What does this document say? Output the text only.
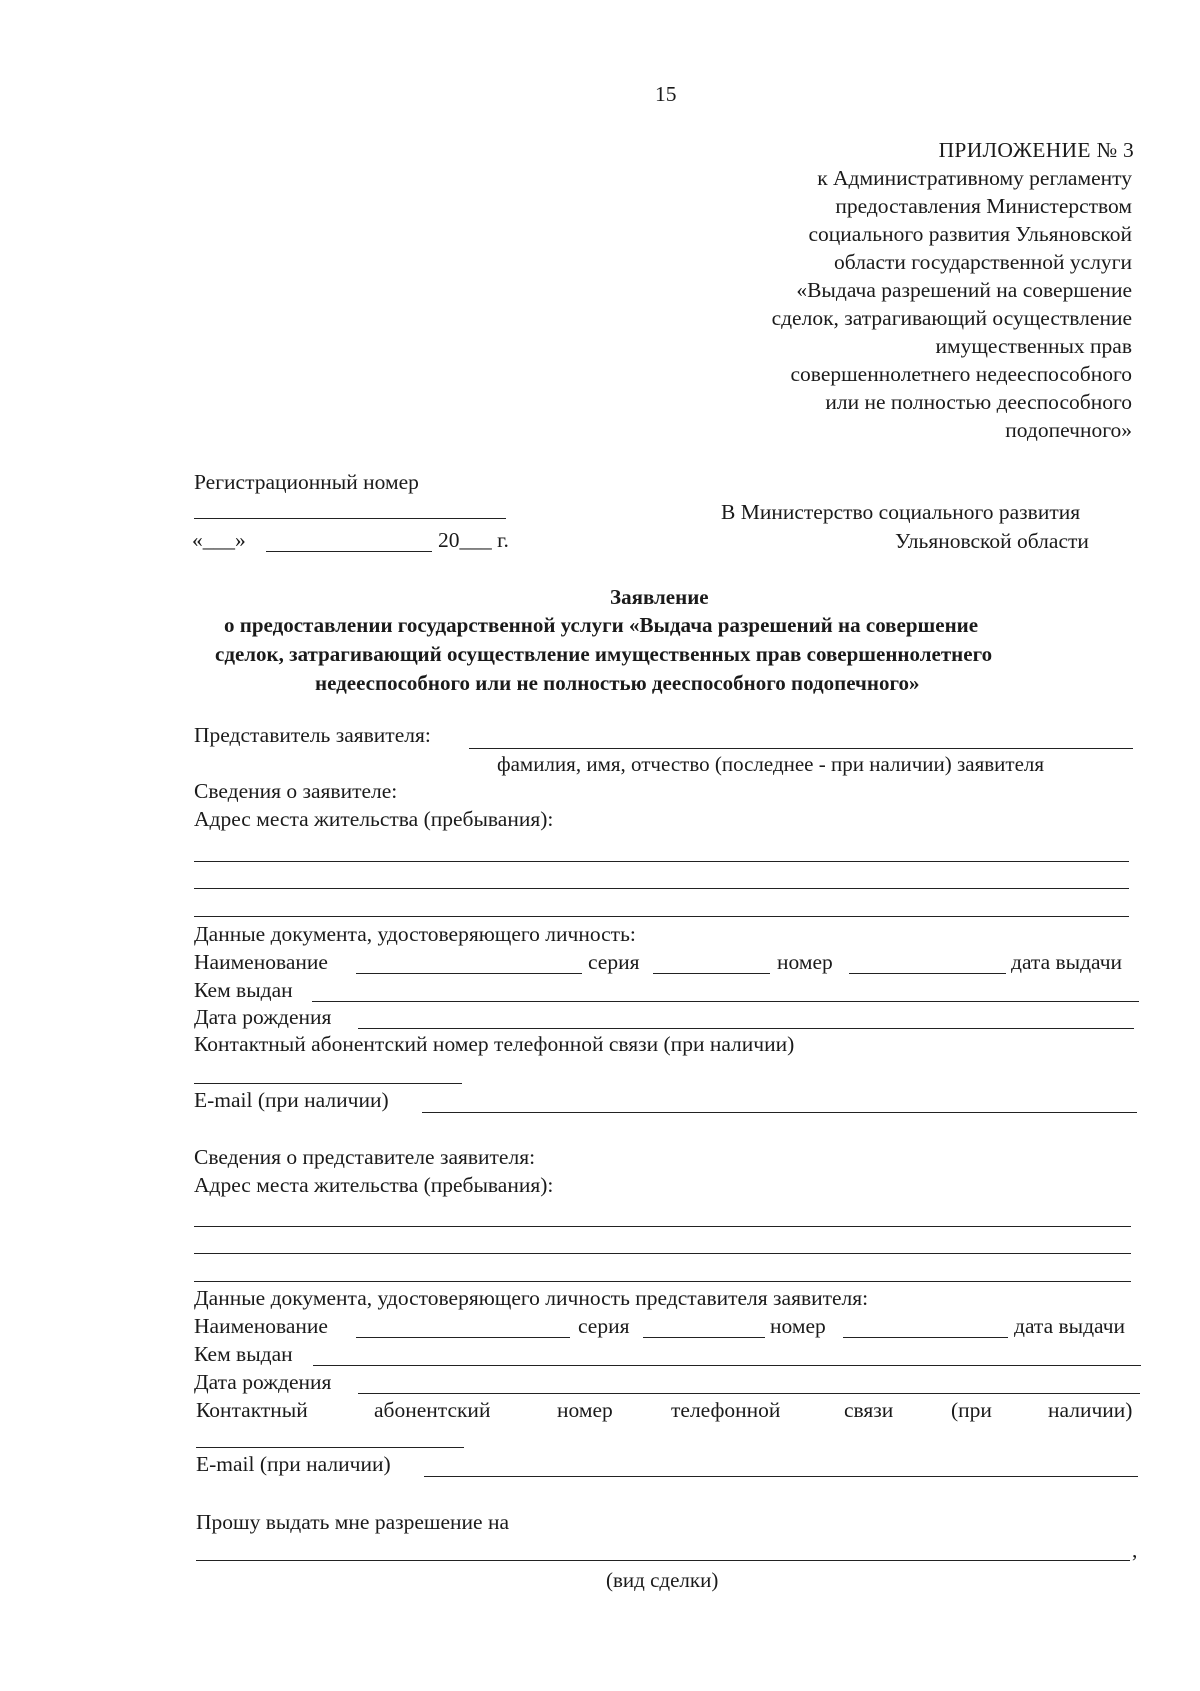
15
ПРИЛОЖЕНИЕ № 3
к Административному регламенту
предоставления Министерством
социального развития Ульяновской
области государственной услуги
«Выдача разрешений на совершение
сделок, затрагивающий осуществление
имущественных прав
совершеннолетнего недееспособного
или не полностью дееспособного
подопечного»
Регистрационный номер
«___»	20___ г.
В Министерство социального развития
Ульяновской области
Заявление
о предоставлении государственной услуги «Выдача разрешений на совершение
сделок, затрагивающий осуществление имущественных прав совершеннолетнего
недееспособного или не полностью дееспособного подопечного»
Представитель заявителя:
фамилия, имя, отчество (последнее - при наличии) заявителя
Сведения о заявителе:
Адрес места жительства (пребывания):
Данные документа, удостоверяющего личность:
Наименование	серия	номер	дата выдачи
Кем выдан
Дата рождения
Контактный абонентский номер телефонной связи (при наличии)
E-mail (при наличии)
Сведения о представителе заявителя:
Адрес места жительства (пребывания):
Данные документа, удостоверяющего личность представителя заявителя:
Наименование	серия	номер	дата выдачи
Кем выдан
Дата рождения
Контактный	абонентский	номер	телефонной	связи	(при	наличии)
E-mail (при наличии)
Прошу выдать мне разрешение на
,
(вид сделки)
